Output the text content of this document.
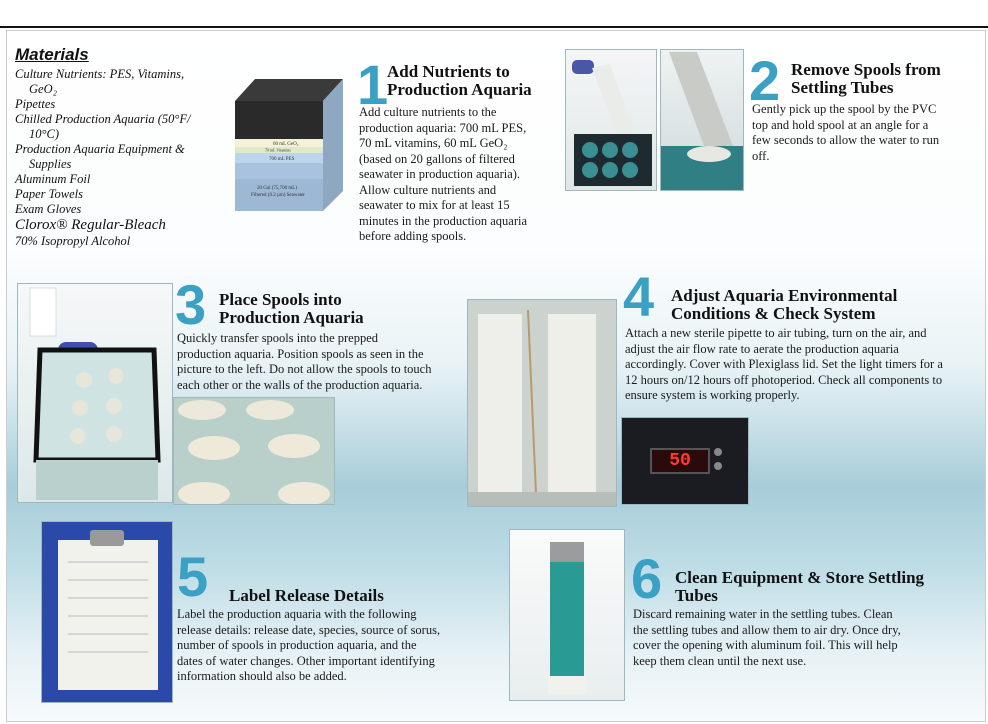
Materials
Culture Nutrients: PES, Vitamins,
GeO₂
Pipettes
Chilled Production Aquaria (50°F/
10°C)
Production Aquaria Equipment &
Supplies
Aluminum Foil
Paper Towels
Exam Gloves
Clorox® Regular-Bleach
70% Isopropyl Alcohol
60 mL GeO₂
70 mL Vitamins
700 mL PES
20 Gal (75,700 mL)
Filtered (0.2 µm) Seawater
1
Add Nutrients to
Production Aquaria
Add culture nutrients to the
production aquaria: 700 mL PES,
70 mL vitamins, 60 mL GeO₂
(based on 20 gallons of filtered
seawater in production aquaria).
Allow culture nutrients and
seawater to mix for at least 15
minutes in the production aquaria
before adding spools.
2 Remove Spools from
Settling Tubes
Gently pick up the spool by the PVC
top and hold spool at an angle for a
few seconds to allow the water to run
off.
3 Place Spools into
Production Aquaria
Quickly transfer spools into the prepped
production aquaria. Position spools as seen in the
picture to the left. Do not allow the spools to touch
each other or the walls of the production aquaria.
50
4 Adjust Aquaria Environmental
Conditions & Check System
Attach a new sterile pipette to air tubing, turn on the air, and
adjust the air flow rate to aerate the production aquaria
accordingly. Cover with Plexiglass lid. Set the light timers for a
12 hours on/12 hours off photoperiod. Check all components to
ensure system is working properly.
5 Label Release Details
Label the production aquaria with the following
release details: release date, species, source of sorus,
number of spools in production aquaria, and the
dates of water changes. Other important identifying
information should also be added.
6 Clean Equipment & Store Settling
Tubes
Discard remaining water in the settling tubes. Clean
the settling tubes and allow them to air dry. Once dry,
cover the opening with aluminum foil. This will help
keep them clean until the next use.
